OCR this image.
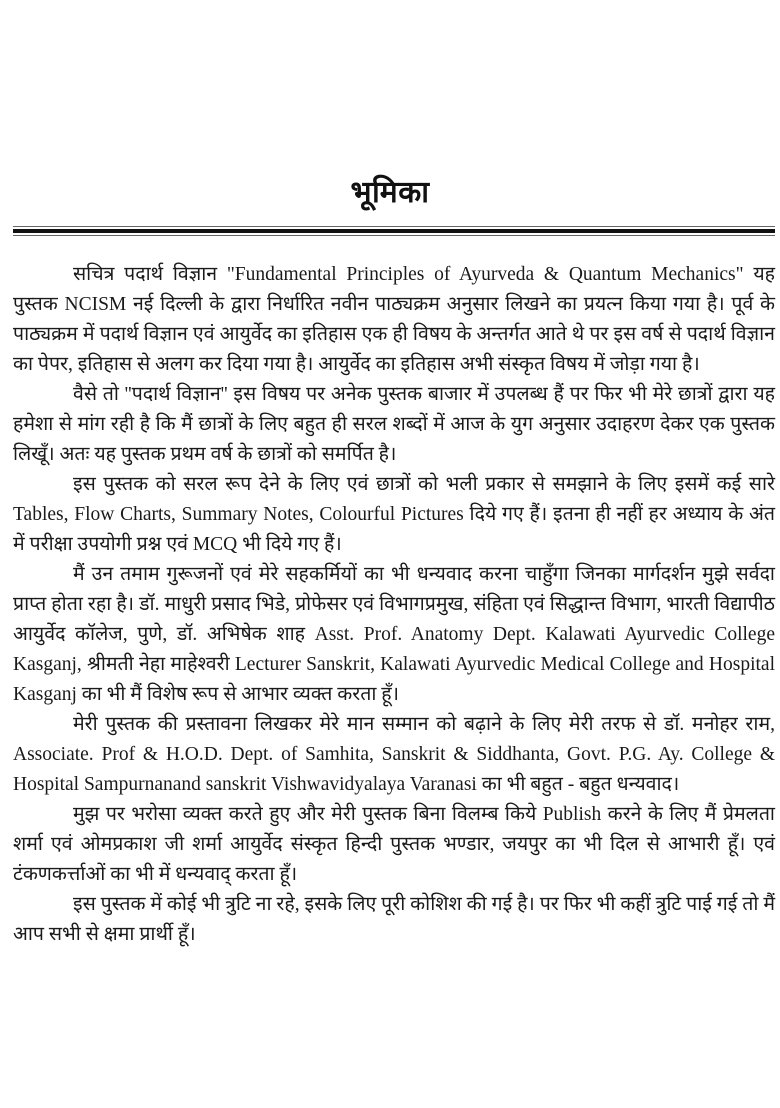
भूमिका

सचित्र पदार्थ विज्ञान "Fundamental Principles of Ayurveda & Quantum Mechanics" यह पुस्तक NCISM नई दिल्ली के द्वारा निर्धारित नवीन पाठ्यक्रम अनुसार लिखने का प्रयत्न किया गया है। पूर्व के पाठ्यक्रम में पदार्थ विज्ञान एवं आयुर्वेद का इतिहास एक ही विषय के अन्तर्गत आते थे पर इस वर्ष से पदार्थ विज्ञान का पेपर, इतिहास से अलग कर दिया गया है। आयुर्वेद का इतिहास अभी संस्कृत विषय में जोड़ा गया है।

वैसे तो ''पदार्थ विज्ञान'' इस विषय पर अनेक पुस्तक बाजार में उपलब्ध हैं पर फिर भी मेरे छात्रों द्वारा यह हमेशा से मांग रही है कि मैं छात्रों के लिए बहुत ही सरल शब्दों में आज के युग अनुसार उदाहरण देकर एक पुस्तक लिखूँ। अतः यह पुस्तक प्रथम वर्ष के छात्रों को समर्पित है।

इस पुस्तक को सरल रूप देने के लिए एवं छात्रों को भली प्रकार से समझाने के लिए इसमें कई सारे Tables, Flow Charts, Summary Notes, Colourful Pictures दिये गए हैं। इतना ही नहीं हर अध्याय के अंत में परीक्षा उपयोगी प्रश्न एवं MCQ भी दिये गए हैं।

मैं उन तमाम गुरूजनों एवं मेरे सहकर्मियों का भी धन्यवाद करना चाहुँगा जिनका मार्गदर्शन मुझे सर्वदा प्राप्त होता रहा है। डॉ. माधुरी प्रसाद भिडे, प्रोफेसर एवं विभागप्रमुख, संहिता एवं सिद्धान्त विभाग, भारती विद्यापीठ आयुर्वेद कॉलेज, पुणे, डॉ. अभिषेक शाह Asst. Prof. Anatomy Dept. Kalawati Ayurvedic College Kasganj, श्रीमती नेहा माहेश्वरी Lecturer Sanskrit, Kalawati Ayurvedic Medical College and Hospital Kasganj का भी मैं विशेष रूप से आभार व्यक्त करता हूँ।

मेरी पुस्तक की प्रस्तावना लिखकर मेरे मान सम्मान को बढ़ाने के लिए मेरी तरफ से डॉ. मनोहर राम, Associate. Prof & H.O.D. Dept. of Samhita, Sanskrit & Siddhanta, Govt. P.G. Ay. College & Hospital Sampurnanand sanskrit Vishwavidyalaya Varanasi का भी बहुत - बहुत धन्यवाद।

मुझ पर भरोसा व्यक्त करते हुए और मेरी पुस्तक बिना विलम्ब किये Publish करने के लिए मैं प्रेमलता शर्मा एवं ओमप्रकाश जी शर्मा आयुर्वेद संस्कृत हिन्दी पुस्तक भण्डार, जयपुर का भी दिल से आभारी हूँ। एवं टंकणकर्त्ताओं का भी में धन्यवाद् करता हूँ।

इस पुस्तक में कोई भी त्रुटि ना रहे, इसके लिए पूरी कोशिश की गई है। पर फिर भी कहीं त्रुटि पाई गई तो मैं आप सभी से क्षमा प्रार्थी हूँ।
